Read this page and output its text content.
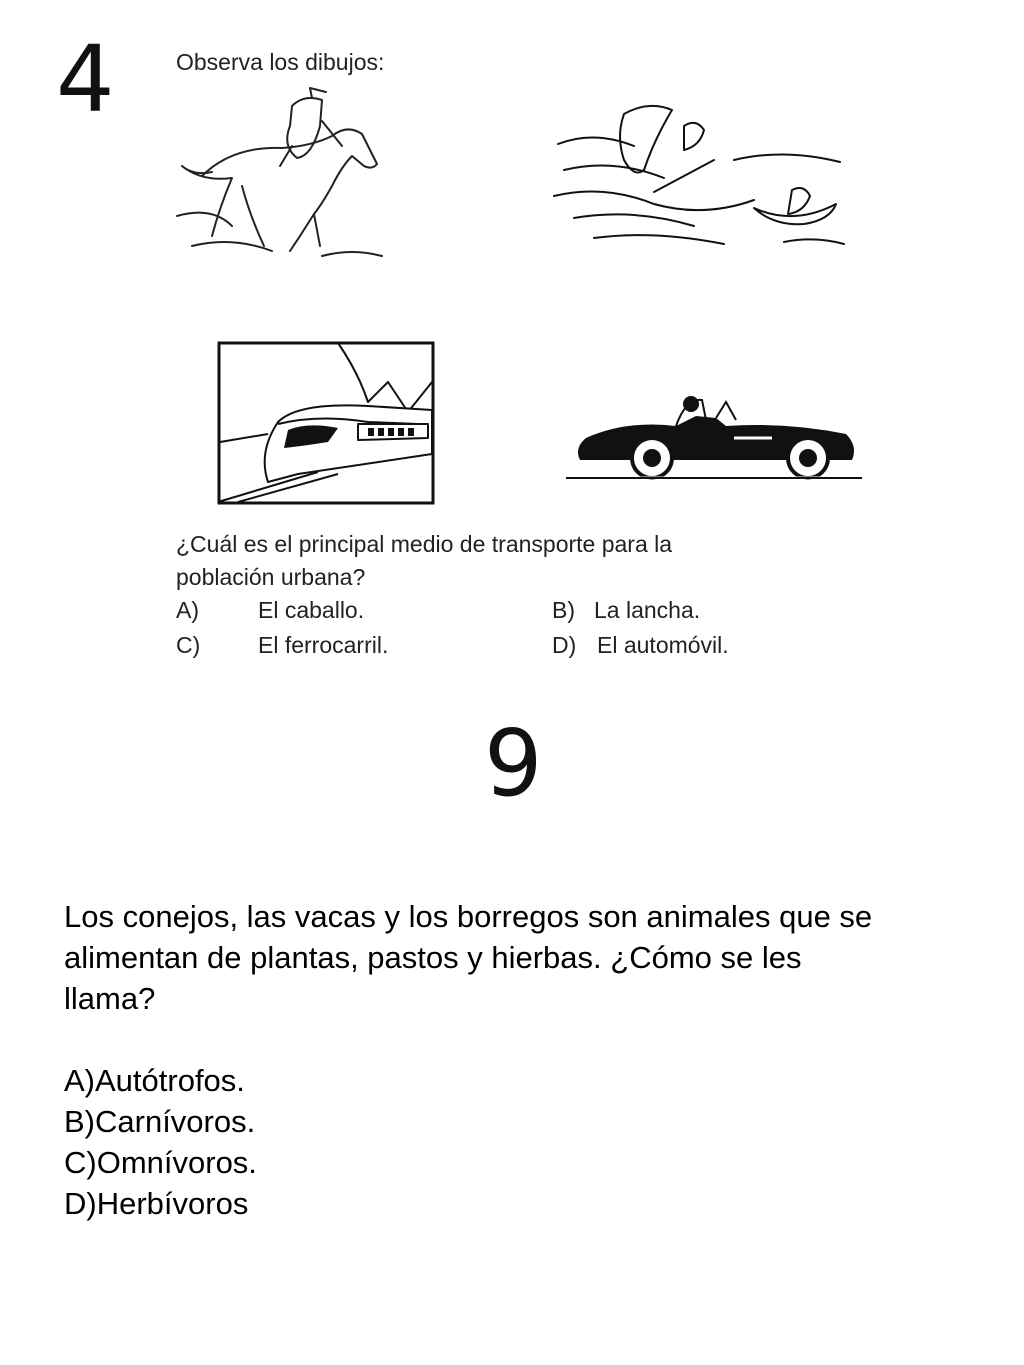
4	Observa los dibujos:
¿Cuál es el principal medio de transporte para la
población urbana?
A)	El caballo.	B) La lancha.
C)	El ferrocarril.	D) El automóvil.
9
Los conejos, las vacas y los borregos son animales que se
alimentan de plantas, pastos y hierbas. ¿Cómo se les
llama?
A)Autótrofos.
B)Carnívoros.
C)Omnívoros.
D)Herbívoros
